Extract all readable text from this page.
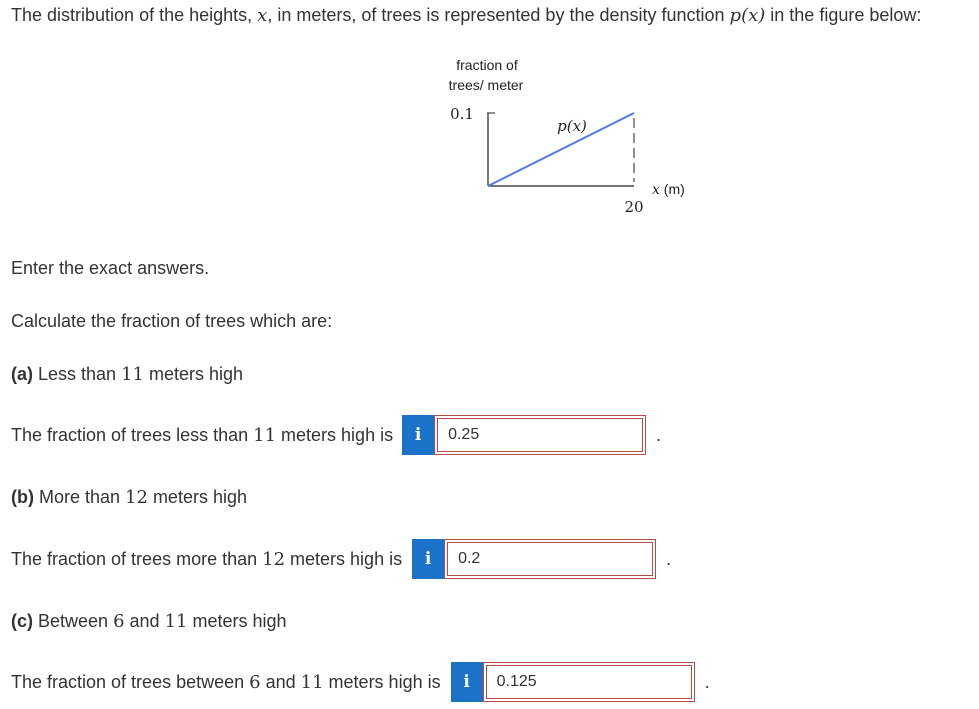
The distribution of the heights, x, in meters, of trees is represented by the density function p(x) in the figure below:
fraction of
trees/ meter
0.1
p(x)
20
x (m)
Enter the exact answers.
Calculate the fraction of trees which are:
(a) Less than 11 meters high
The fraction of trees less than 11 meters high is	i
0.25	.
(b) More than 12 meters high
The fraction of trees more than 12 meters high is	i
0.2	.
(c) Between 6 and 11 meters high
The fraction of trees between 6 and 11 meters high is	i
0.125	.
